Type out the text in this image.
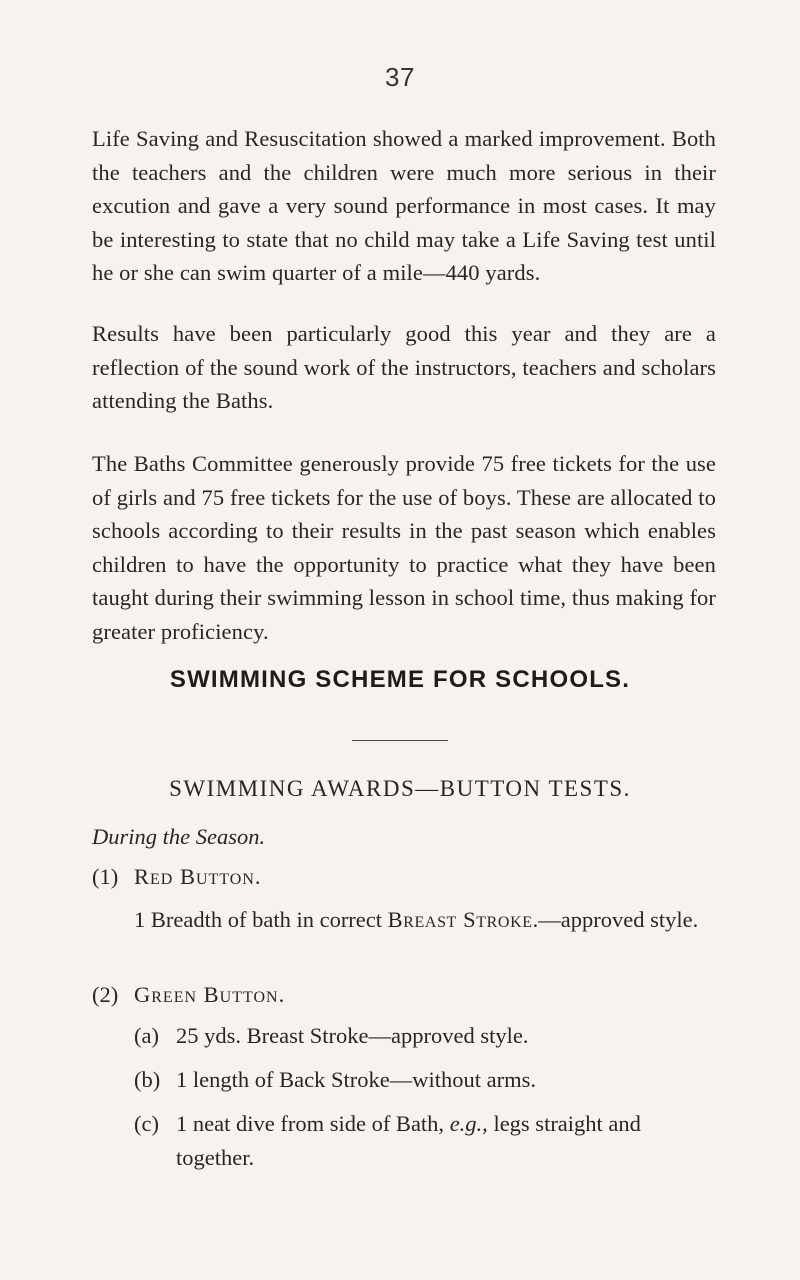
37

Life Saving and Resuscitation showed a marked improvement. Both the teachers and the children were much more serious in their excution and gave a very sound performance in most cases. It may be interesting to state that no child may take a Life Saving test until he or she can swim quarter of a mile—440 yards.

Results have been particularly good this year and they are a reflection of the sound work of the instructors, teachers and scholars attending the Baths.

The Baths Committee generously provide 75 free tickets for the use of girls and 75 free tickets for the use of boys. These are allocated to schools according to their results in the past season which enables children to have the opportunity to practice what they have been taught during their swimming lesson in school time, thus making for greater proficiency.

SWIMMING SCHEME FOR SCHOOLS.
SWIMMING AWARDS—BUTTON TESTS.

During the Season.

(1) Red Button.

1 Breadth of bath in correct Breast Stroke.—approved style.

(2) Green Button.

(a) 25 yds. Breast Stroke—approved style.

(b) 1 length of Back Stroke—without arms.

(c) 1 neat dive from side of Bath, e.g., legs straight and together.
